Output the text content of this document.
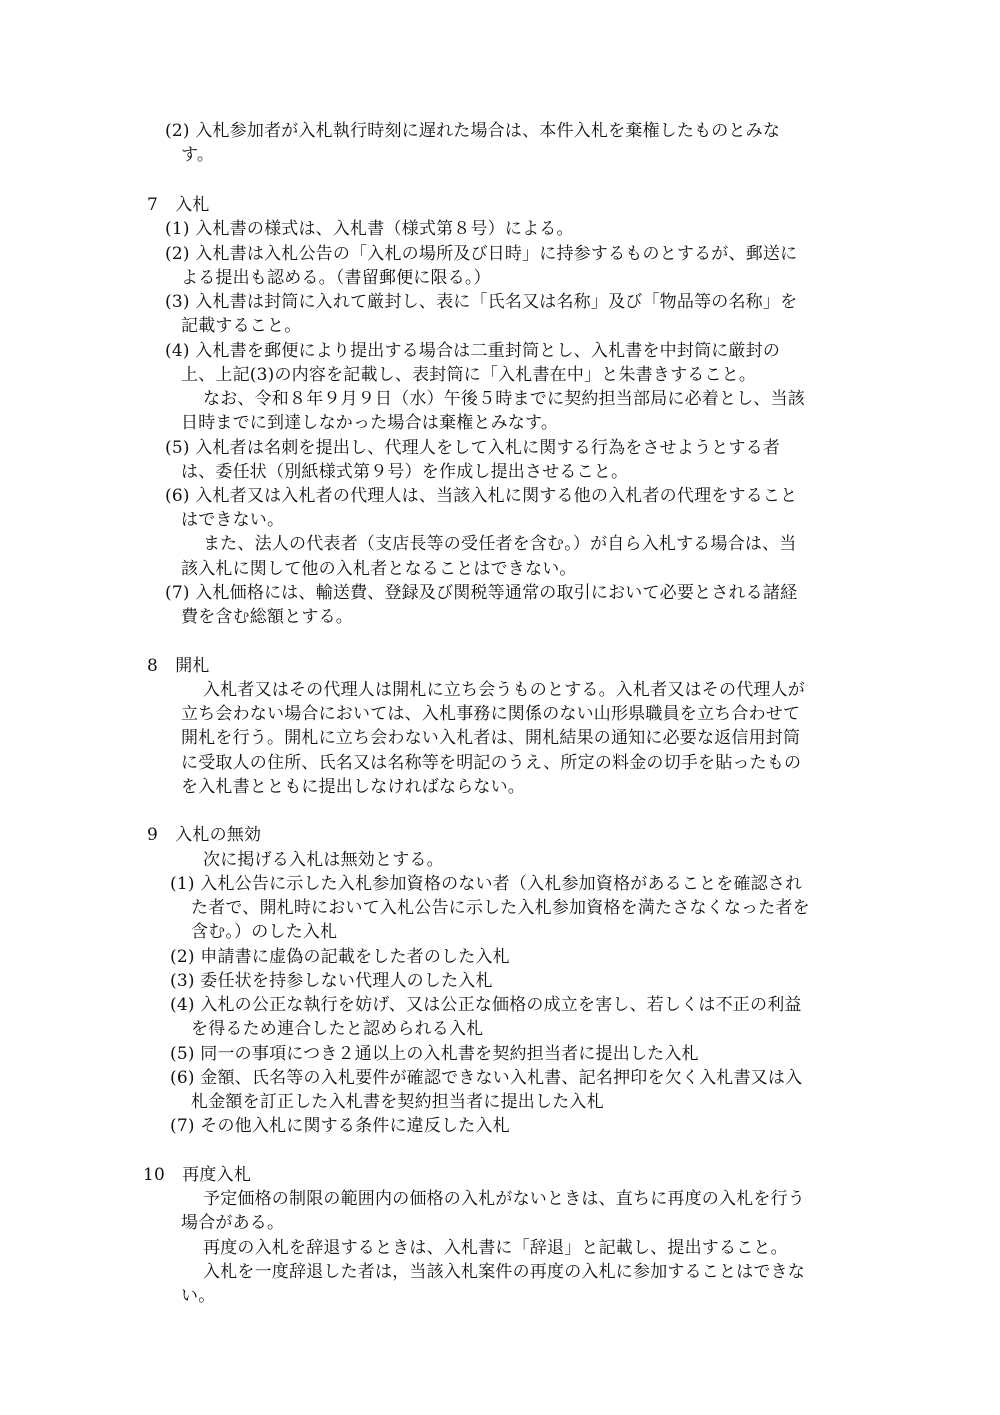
(2) 入札参加者が入札執行時刻に遅れた場合は、本件入札を棄権したものとみな
す。
7　入札
(1) 入札書の様式は、入札書（様式第８号）による。
(2) 入札書は入札公告の「入札の場所及び日時」に持参するものとするが、郵送に
よる提出も認める。（書留郵便に限る。）
(3) 入札書は封筒に入れて厳封し、表に「氏名又は名称」及び「物品等の名称」を
記載すること。
(4) 入札書を郵便により提出する場合は二重封筒とし、入札書を中封筒に厳封の
上、上記(3)の内容を記載し、表封筒に「入札書在中」と朱書きすること。
なお、令和８年９月９日（水）午後５時までに契約担当部局に必着とし、当該
日時までに到達しなかった場合は棄権とみなす。
(5) 入札者は名刺を提出し、代理人をして入札に関する行為をさせようとする者
は、委任状（別紙様式第９号）を作成し提出させること。
(6) 入札者又は入札者の代理人は、当該入札に関する他の入札者の代理をすること
はできない。
また、法人の代表者（支店長等の受任者を含む。）が自ら入札する場合は、当
該入札に関して他の入札者となることはできない。
(7) 入札価格には、輸送費、登録及び関税等通常の取引において必要とされる諸経
費を含む総額とする。
8　開札
入札者又はその代理人は開札に立ち会うものとする。入札者又はその代理人が
立ち会わない場合においては、入札事務に関係のない山形県職員を立ち合わせて
開札を行う。開札に立ち会わない入札者は、開札結果の通知に必要な返信用封筒
に受取人の住所、氏名又は名称等を明記のうえ、所定の料金の切手を貼ったもの
を入札書とともに提出しなければならない。
9　入札の無効
次に掲げる入札は無効とする。
(1) 入札公告に示した入札参加資格のない者（入札参加資格があることを確認され
た者で、開札時において入札公告に示した入札参加資格を満たさなくなった者を
含む。）のした入札
(2) 申請書に虚偽の記載をした者のした入札
(3) 委任状を持参しない代理人のした入札
(4) 入札の公正な執行を妨げ、又は公正な価格の成立を害し、若しくは不正の利益
を得るため連合したと認められる入札
(5) 同一の事項につき２通以上の入札書を契約担当者に提出した入札
(6) 金額、氏名等の入札要件が確認できない入札書、記名押印を欠く入札書又は入
札金額を訂正した入札書を契約担当者に提出した入札
(7) その他入札に関する条件に違反した入札
10　再度入札
予定価格の制限の範囲内の価格の入札がないときは、直ちに再度の入札を行う
場合がある。
再度の入札を辞退するときは、入札書に「辞退」と記載し、提出すること。
入札を一度辞退した者は，当該入札案件の再度の入札に参加することはできな
い。
